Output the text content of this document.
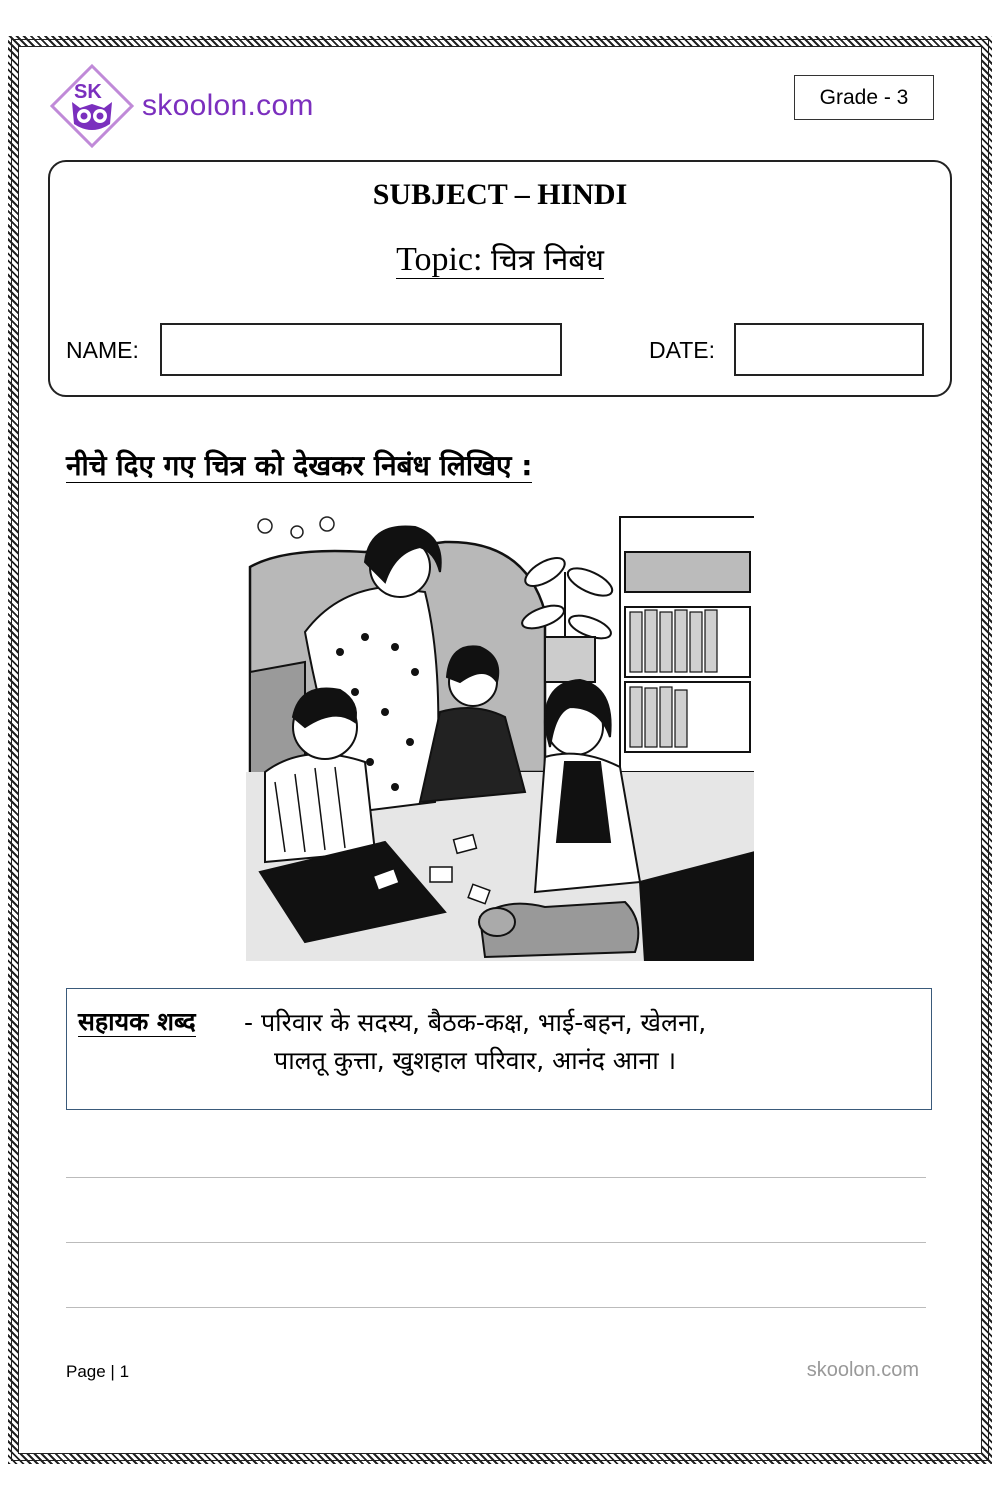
SK skoolon.com	Grade - 3
SUBJECT – HINDI
Topic: चित्र निबंध
NAME:	DATE:
नीचे दिए गए चित्र को देखकर निबंध लिखिए :
सहायक शब्द - परिवार के सदस्य, बैठक-कक्ष, भाई-बहन, खेलना,
पालतू कुत्ता, खुशहाल परिवार, आनंद आना ।
Page | 1	skoolon.com
